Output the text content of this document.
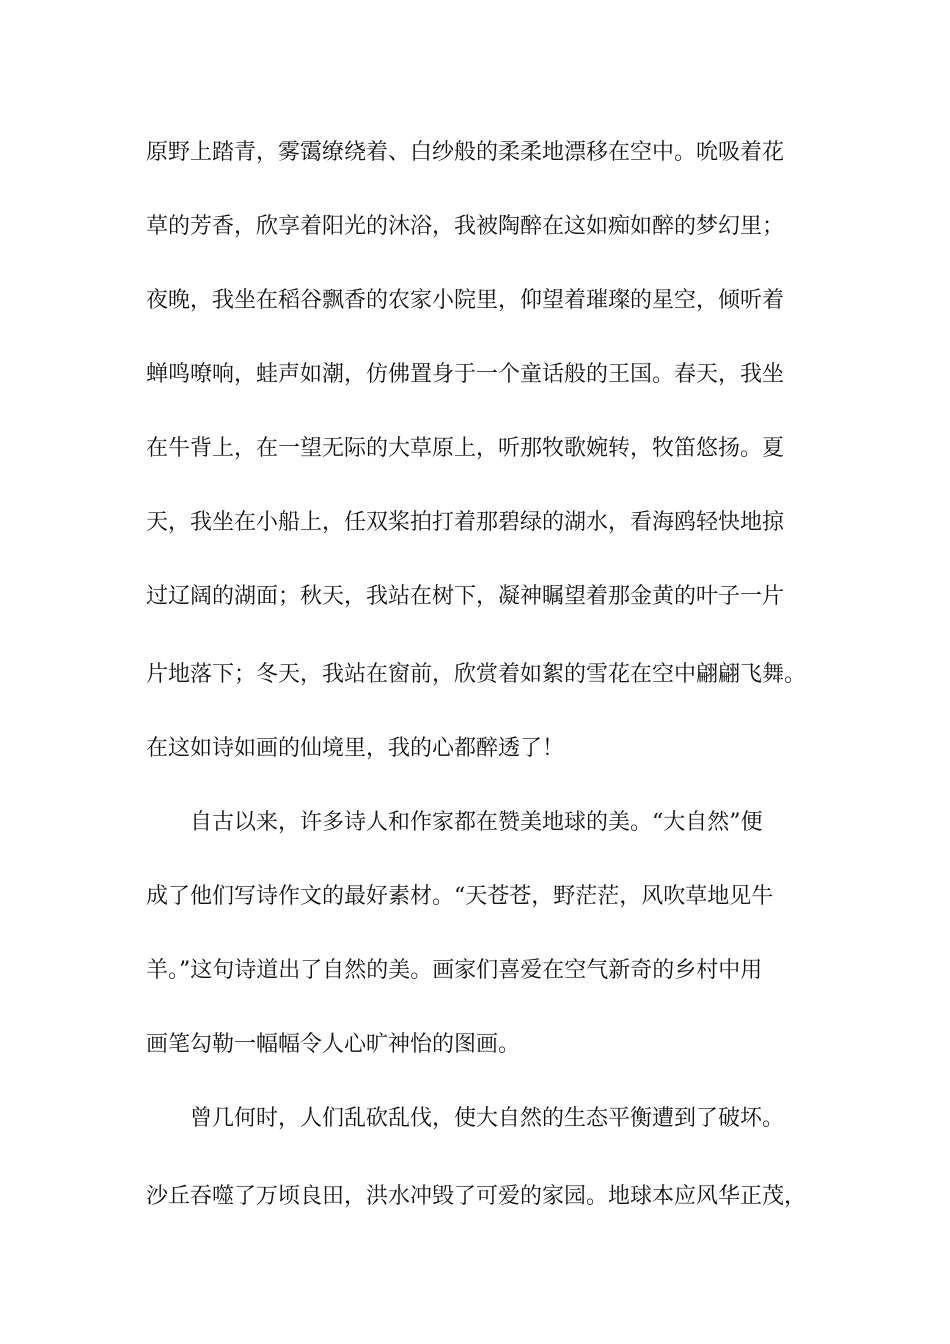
原野上踏青，雾霭缭绕着、白纱般的柔柔地漂移在空中。吮吸着花
草的芳香，欣享着阳光的沐浴，我被陶醉在这如痴如醉的梦幻里；
夜晚，我坐在稻谷飘香的农家小院里，仰望着璀璨的星空，倾听着
蝉鸣嘹响，蛙声如潮，仿佛置身于一个童话般的王国。春天，我坐
在牛背上，在一望无际的大草原上，听那牧歌婉转，牧笛悠扬。夏
天，我坐在小船上，任双桨拍打着那碧绿的湖水，看海鸥轻快地掠
过辽阔的湖面；秋天，我站在树下，凝神瞩望着那金黄的叶子一片
片地落下；冬天，我站在窗前，欣赏着如絮的雪花在空中翩翩飞舞。
在这如诗如画的仙境里，我的心都醉透了！
自古以来，许多诗人和作家都在赞美地球的美。“大自然”便
成了他们写诗作文的最好素材。“天苍苍，野茫茫，风吹草地见牛
羊。”这句诗道出了自然的美。画家们喜爱在空气新奇的乡村中用
画笔勾勒一幅幅令人心旷神怡的图画。
曾几何时，人们乱砍乱伐，使大自然的生态平衡遭到了破坏。
沙丘吞噬了万顷良田，洪水冲毁了可爱的家园。地球本应风华正茂，
